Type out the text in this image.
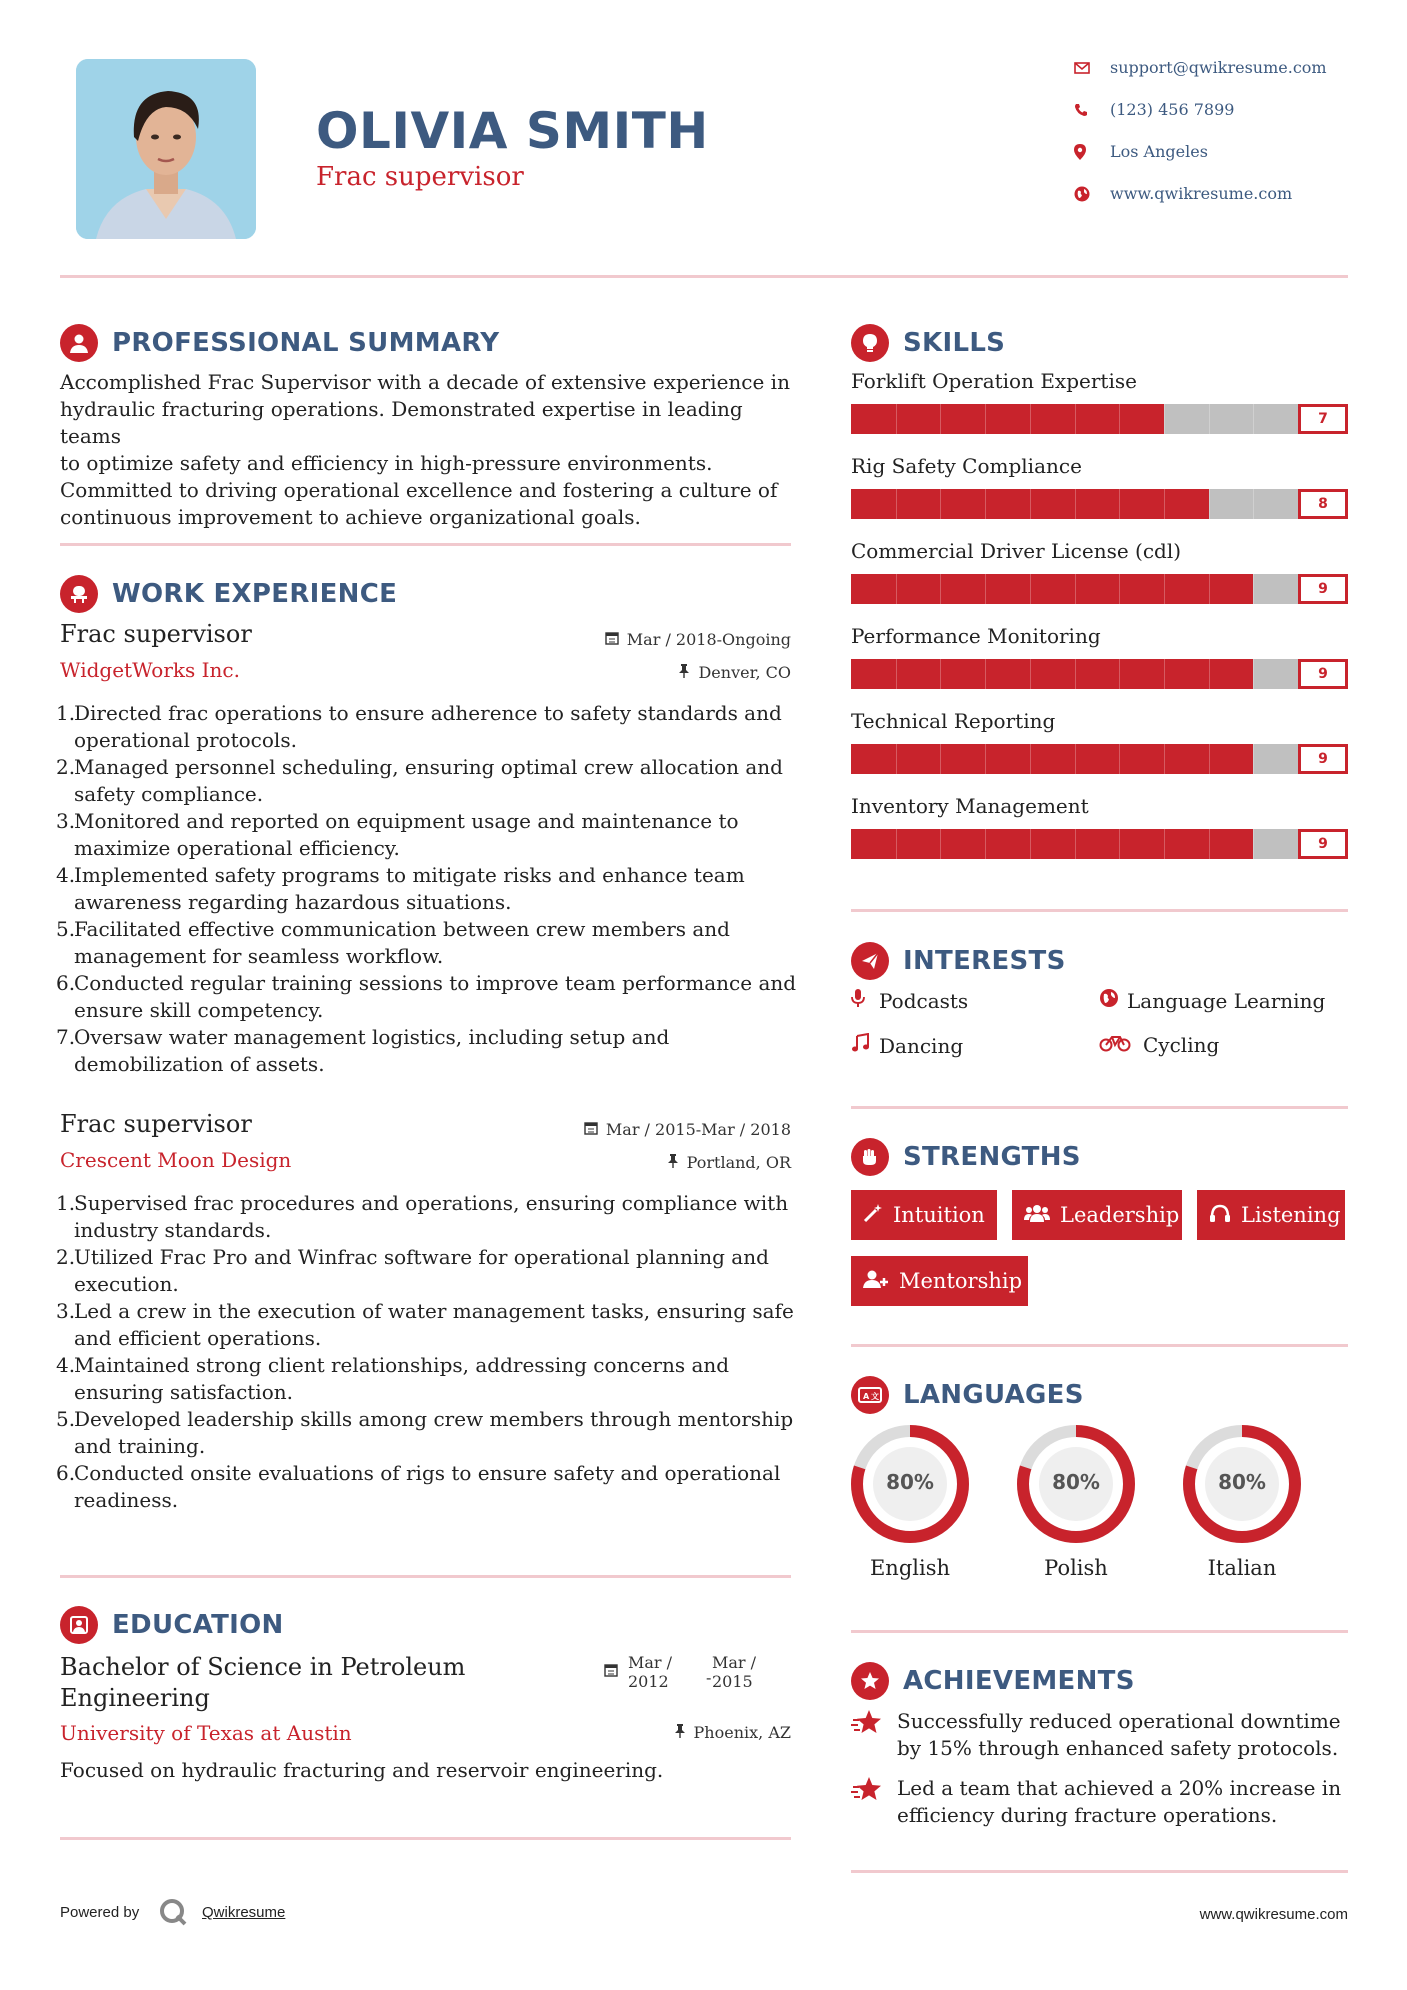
OLIVIA SMITH
Frac supervisor
support@qwikresume.com
(123) 456 7899
Los Angeles
www.qwikresume.com
PROFESSIONAL SUMMARY
Accomplished Frac Supervisor with a decade of extensive experience in
hydraulic fracturing operations. Demonstrated expertise in leading teams
to optimize safety and efficiency in high-pressure environments.
Committed to driving operational excellence and fostering a culture of
continuous improvement to achieve organizational goals.
WORK EXPERIENCE
Frac supervisor	Mar / 2018-Ongoing
WidgetWorks Inc.	Denver, CO
1.
Directed frac operations to ensure adherence to safety standards and
operational protocols.
2.
Managed personnel scheduling, ensuring optimal crew allocation and
safety compliance.
3.
Monitored and reported on equipment usage and maintenance to
maximize operational efficiency.
4.
Implemented safety programs to mitigate risks and enhance team
awareness regarding hazardous situations.
5.
Facilitated effective communication between crew members and
management for seamless workflow.
6.
Conducted regular training sessions to improve team performance and
ensure skill competency.
7.
Oversaw water management logistics, including setup and
demobilization of assets.
Frac supervisor	Mar / 2015-Mar / 2018
Crescent Moon Design	Portland, OR
1.
Supervised frac procedures and operations, ensuring compliance with
industry standards.
2.
Utilized Frac Pro and Winfrac software for operational planning and
execution.
3.
Led a crew in the execution of water management tasks, ensuring safe
and efficient operations.
4.
Maintained strong client relationships, addressing concerns and
ensuring satisfaction.
5.
Developed leadership skills among crew members through mentorship
and training.
6.
Conducted onsite evaluations of rigs to ensure safety and operational
readiness.
EDUCATION
Bachelor of Science in Petroleum
Engineering
Mar /
2012 -
Mar /
2015
University of Texas at Austin	Phoenix, AZ
Focused on hydraulic fracturing and reservoir engineering.
SKILLS
Forklift Operation Expertise
7
Rig Safety Compliance
8
Commercial Driver License (cdl)
9
Performance Monitoring
9
Technical Reporting
9
Inventory Management
9
INTERESTS
Podcasts	Language Learning
Dancing	Cycling
STRENGTHS
Intuition	Leadership	Listening
Mentorship
A 文 LANGUAGES
80%
English
80%
Polish
80%
Italian
ACHIEVEMENTS
Successfully reduced operational downtime
by 15% through enhanced safety protocols.
Led a team that achieved a 20% increase in
efficiency during fracture operations.
Powered by	Qwikresume	www.qwikresume.com
